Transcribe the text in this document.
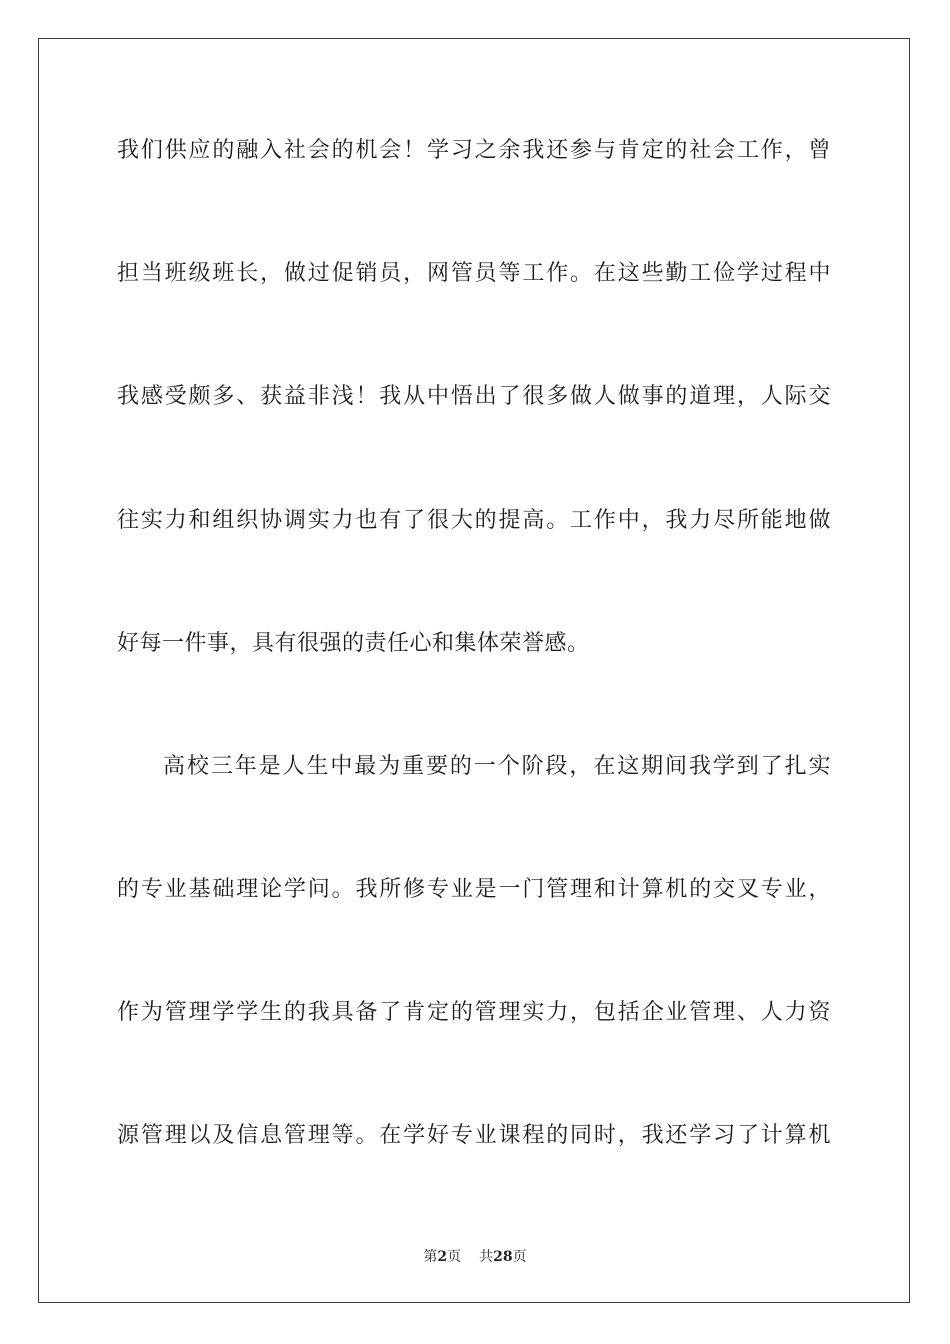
我们供应的融入社会的机会！学习之余我还参与肯定的社会工作，曾
担当班级班长，做过促销员，网管员等工作。在这些勤工俭学过程中
我感受颇多、获益非浅！我从中悟出了很多做人做事的道理，人际交
往实力和组织协调实力也有了很大的提高。工作中，我力尽所能地做
好每一件事，具有很强的责任心和集体荣誉感。
高校三年是人生中最为重要的一个阶段，在这期间我学到了扎实
的专业基础理论学问。我所修专业是一门管理和计算机的交叉专业，
作为管理学学生的我具备了肯定的管理实力，包括企业管理、人力资
源管理以及信息管理等。在学好专业课程的同时，我还学习了计算机
第2页 共28页
